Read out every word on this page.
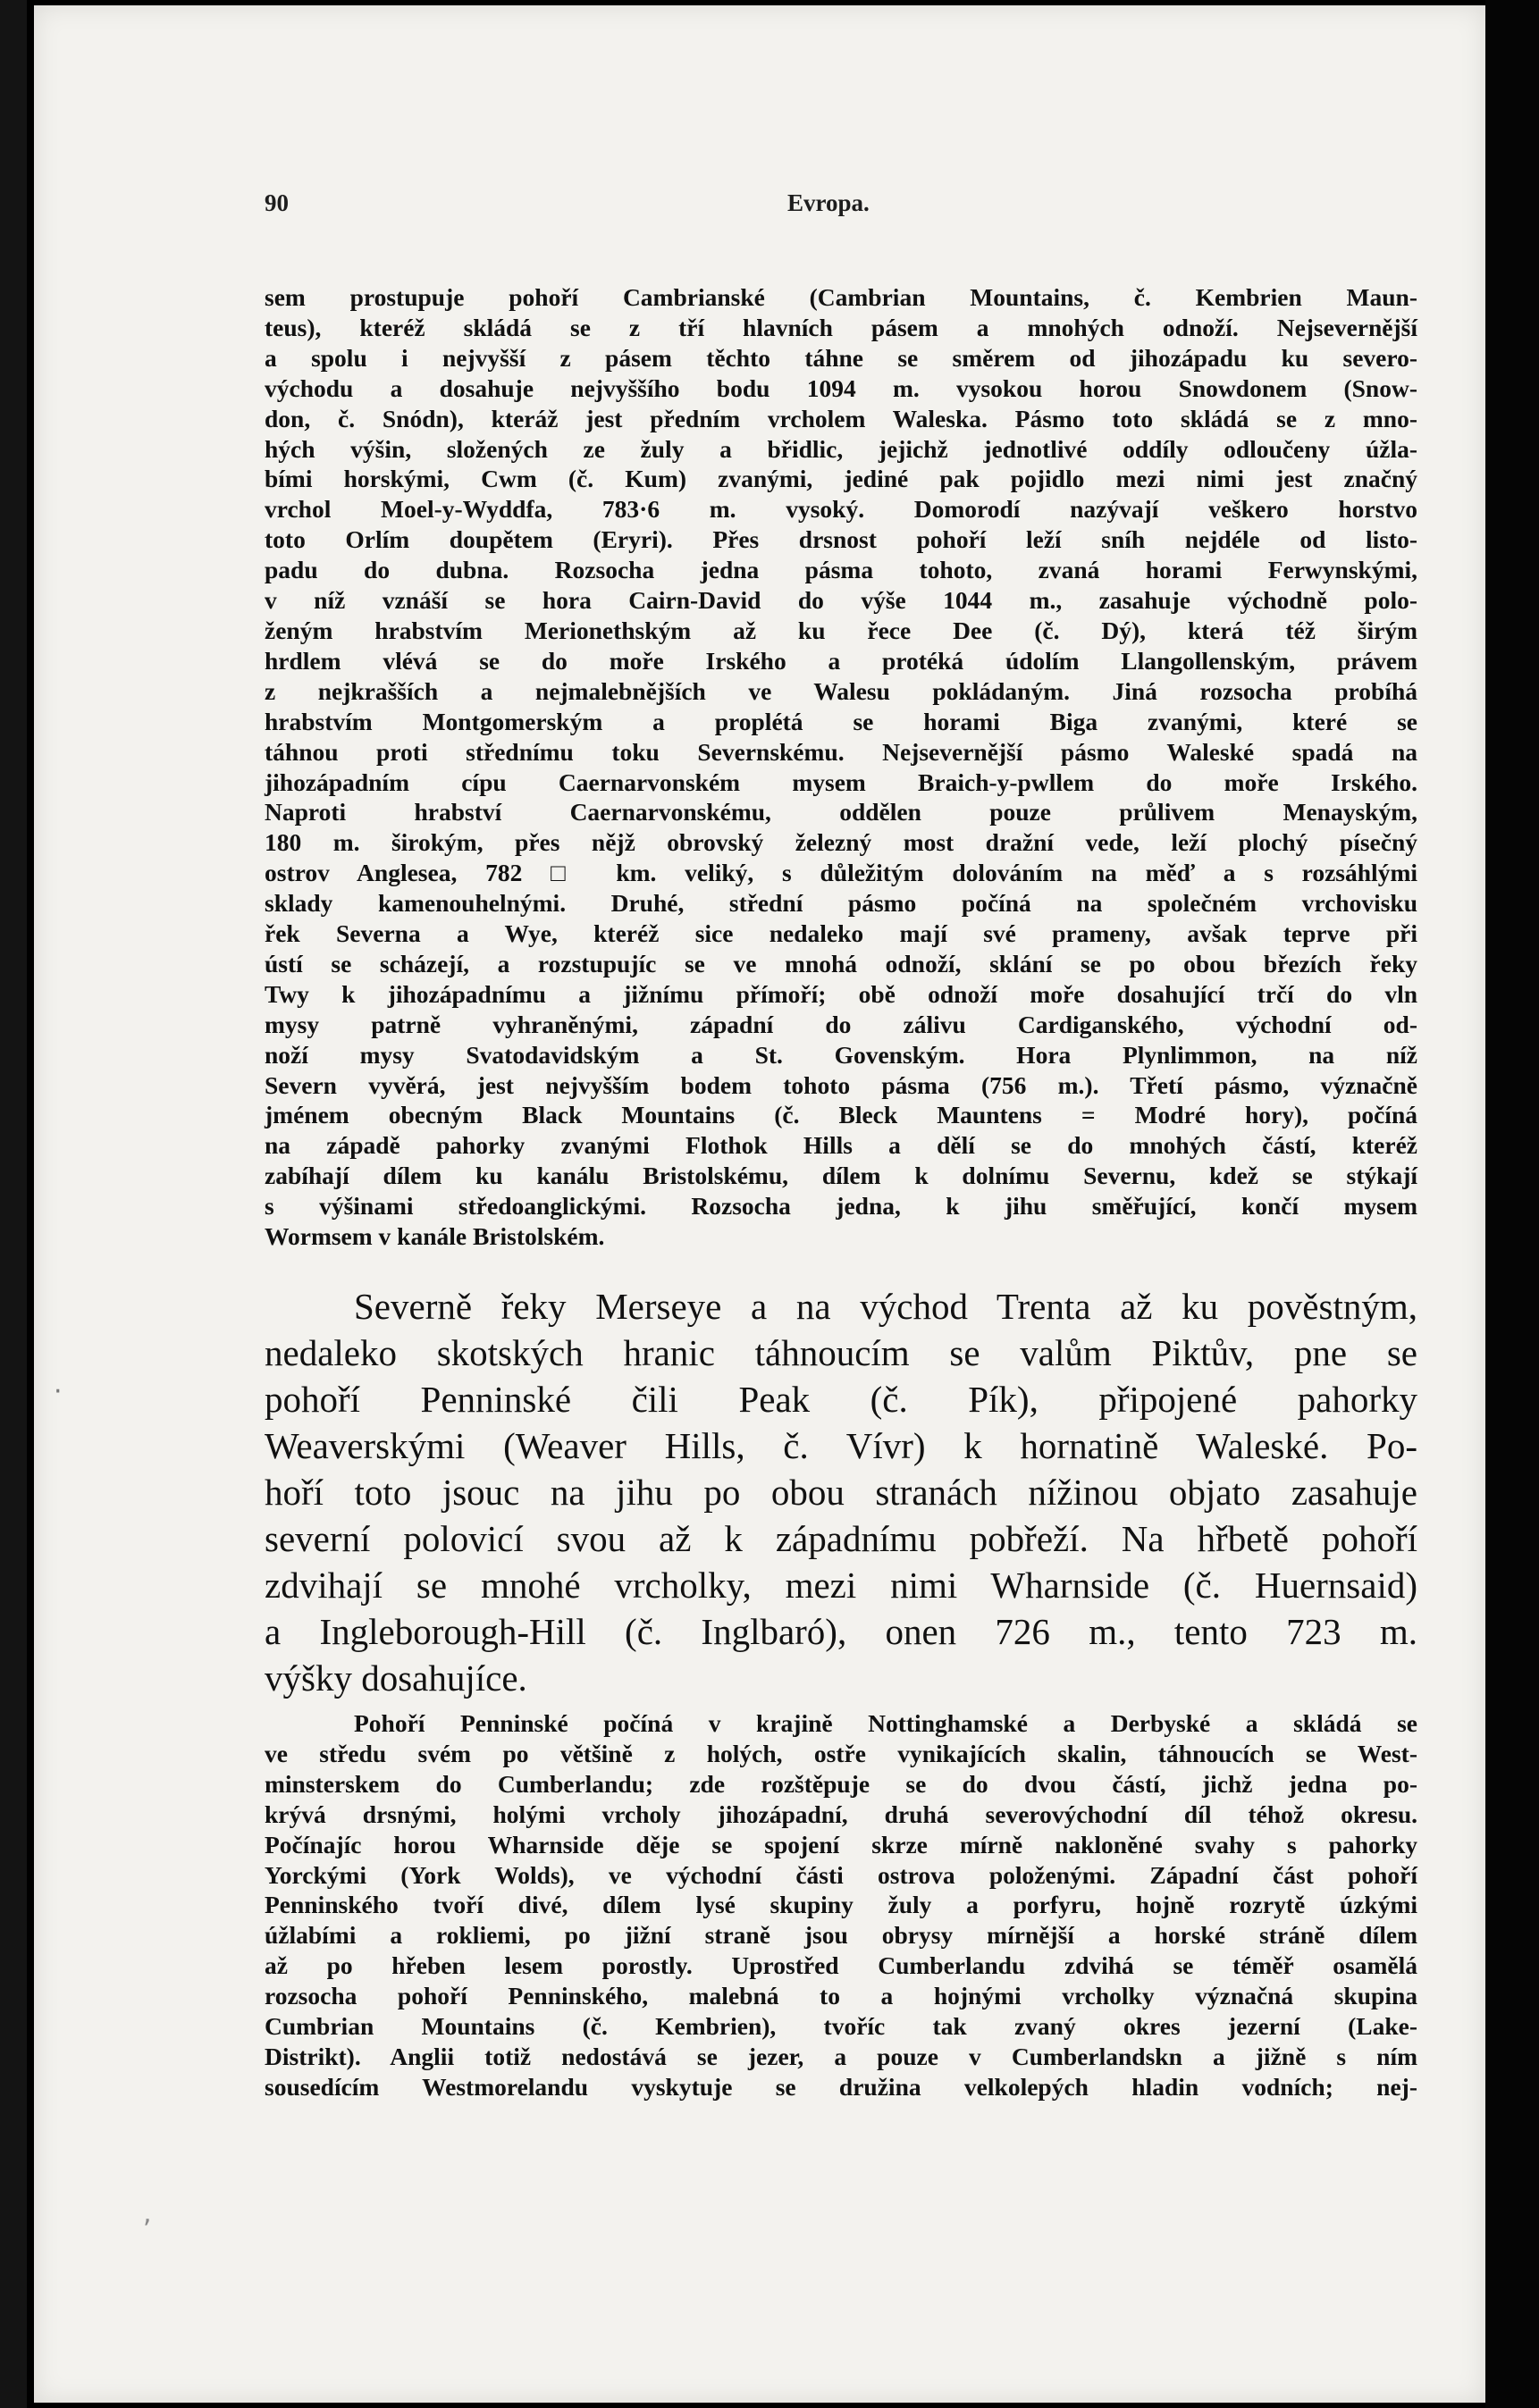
90	Evropa.
sem prostupuje pohoří Cambrianské (Cambrian Mountains, č. Kembrien Maun-
teus), kteréž skládá se z tří hlavních pásem a mnohých odnoží. Nejsevernější
a spolu i nejvyšší z pásem těchto táhne se směrem od jihozápadu ku severo-
východu a dosahuje nejvyššího bodu 1094 m. vysokou horou Snowdonem (Snow-
don, č. Snódn), kteráž jest předním vrcholem Waleska. Pásmo toto skládá se z mno-
hých výšin, složených ze žuly a břidlic, jejichž jednotlivé oddíly odloučeny úžla-
bími horskými, Cwm (č. Kum) zvanými, jediné pak pojidlo mezi nimi jest značný
vrchol Moel-y-Wyddfa, 783·6 m. vysoký. Domorodí nazývají veškero horstvo
toto Orlím doupětem (Eryri). Přes drsnost pohoří leží sníh nejdéle od listo-
padu do dubna. Rozsocha jedna pásma tohoto, zvaná horami Ferwynskými,
v níž vznáší se hora Cairn-David do výše 1044 m., zasahuje východně polo-
ženým hrabstvím Merionethským až ku řece Dee (č. Dý), která též širým
hrdlem vlévá se do moře Irského a protéká údolím Llangollenským, právem
z nejkrašších a nejmalebnějších ve Walesu pokládaným. Jiná rozsocha probíhá
hrabstvím Montgomerským a proplétá se horami Biga zvanými, které se
táhnou proti střednímu toku Severnskému. Nejsevernější pásmo Waleské spadá na
jihozápadním cípu Caernarvonském mysem Braich-y-pwllem do moře Irského.
Naproti hrabství Caernarvonskému, oddělen pouze průlivem Menayským,
180 m. širokým, přes nějž obrovský železný most dražní vede, leží plochý písečný
ostrov Anglesea, 782 □ km. veliký, s důležitým dolováním na měď a s rozsáhlými
sklady kamenouhelnými. Druhé, střední pásmo počíná na společném vrchovisku
řek Severna a Wye, kteréž sice nedaleko mají své prameny, avšak teprve při
ústí se scházejí, a rozstupujíc se ve mnohá odnoží, sklání se po obou březích řeky
Twy k jihozápadnímu a jižnímu přímoří; obě odnoží moře dosahující trčí do vln
mysy patrně vyhraněnými, západní do zálivu Cardiganského, východní od-
noží mysy Svatodavidským a St. Govenským. Hora Plynlimmon, na níž
Severn vyvěrá, jest nejvyšším bodem tohoto pásma (756 m.). Třetí pásmo, význačně
jménem obecným Black Mountains (č. Bleck Mauntens = Modré hory), počíná
na západě pahorky zvanými Flothok Hills a dělí se do mnohých částí, kteréž
zabíhají dílem ku kanálu Bristolskému, dílem k dolnímu Severnu, kdež se stýkají
s výšinami středoanglickými. Rozsocha jedna, k jihu směřující, končí mysem
Wormsem v kanále Bristolském.
Severně řeky Merseye a na východ Trenta až ku pověstným,
nedaleko skotských hranic táhnoucím se valům Piktův, pne se
pohoří Penninské čili Peak (č. Pík), připojené pahorky
Weaverskými (Weaver Hills, č. Vívr) k hornatině Waleské. Po-
hoří toto jsouc na jihu po obou stranách nížinou objato zasahuje
severní polovicí svou až k západnímu pobřeží. Na hřbetě pohoří
zdvihají se mnohé vrcholky, mezi nimi Wharnside (č. Huernsaid)
a Ingleborough-Hill (č. Inglbaró), onen 726 m., tento 723 m.
výšky dosahujíce.
Pohoří Penninské počíná v krajině Nottinghamské a Derbyské a skládá se
ve středu svém po většině z holých, ostře vynikajících skalin, táhnoucích se West-
minsterskem do Cumberlandu; zde rozštěpuje se do dvou částí, jichž jedna po-
krývá drsnými, holými vrcholy jihozápadní, druhá severovýchodní díl téhož okresu.
Počínajíc horou Wharnside děje se spojení skrze mírně nakloněné svahy s pahorky
Yorckými (York Wolds), ve východní části ostrova položenými. Západní část pohoří
Penninského tvoří divé, dílem lysé skupiny žuly a porfyru, hojně rozrytě úzkými
úžlabími a rokliemi, po jižní straně jsou obrysy mírnější a horské stráně dílem
až po hřeben lesem porostly. Uprostřed Cumberlandu zdvihá se téměř osamělá
rozsocha pohoří Penninského, malebná to a hojnými vrcholky význačná skupina
Cumbrian Mountains (č. Kembrien), tvoříc tak zvaný okres jezerní (Lake-
Distrikt). Anglii totiž nedostává se jezer, a pouze v Cumberlandskn a jižně s ním
sousedícím Westmorelandu vyskytuje se družina velkolepých hladin vodních; nej-
·
,
